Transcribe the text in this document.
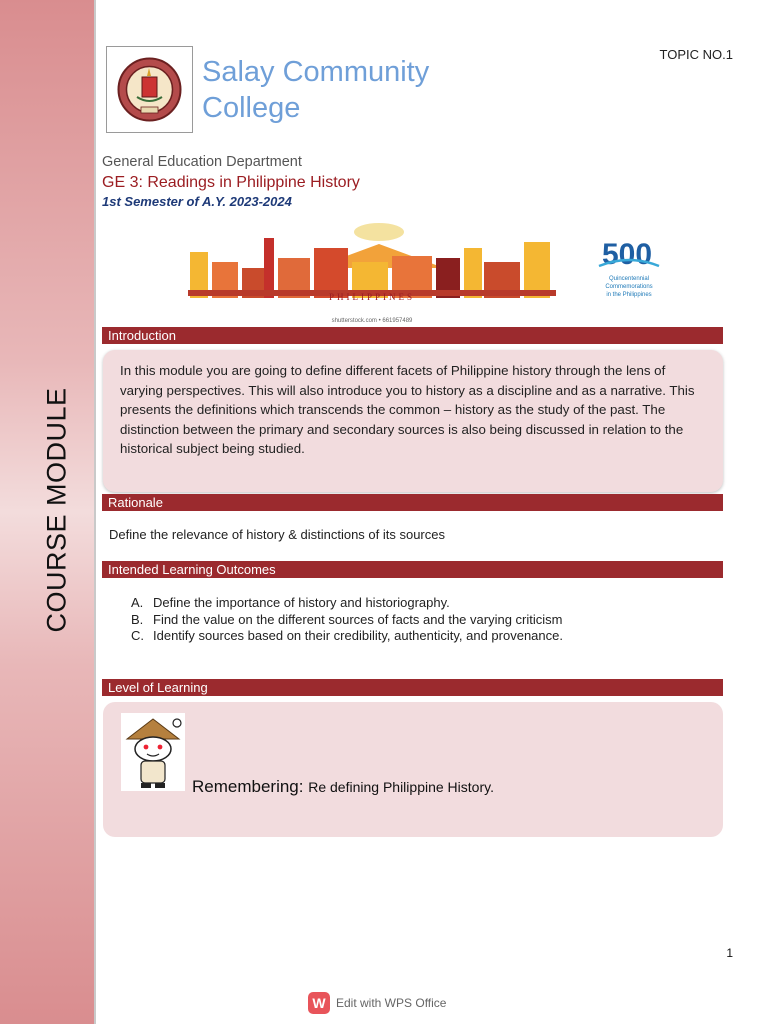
COURSE MODULE
Salay Community
College
TOPIC NO.1
General Education Department
GE 3: Readings in Philippine History
1st Semester of A.Y. 2023-2024
PHILIPPINES
shutterstock.com • 661957489
500
Quincentennial
Commemorations
in the Philippines
Introduction
In this module you are going to define different facets of Philippine history through the lens of varying perspectives. This will also introduce you to history as a discipline and as a narrative. This presents the definitions which transcends the common – history as the study of the past. The distinction between the primary and secondary sources is also being discussed in relation to the historical subject being studied.
Rationale
Define the relevance of history & distinctions of its sources
Intended Learning Outcomes
A. Define the importance of history and historiography.
B. Find the value on the different sources of facts and the varying criticism
C. Identify sources based on their credibility, authenticity, and provenance.
Level of Learning
Remembering: Re defining Philippine History.
1
W Edit with WPS Office
